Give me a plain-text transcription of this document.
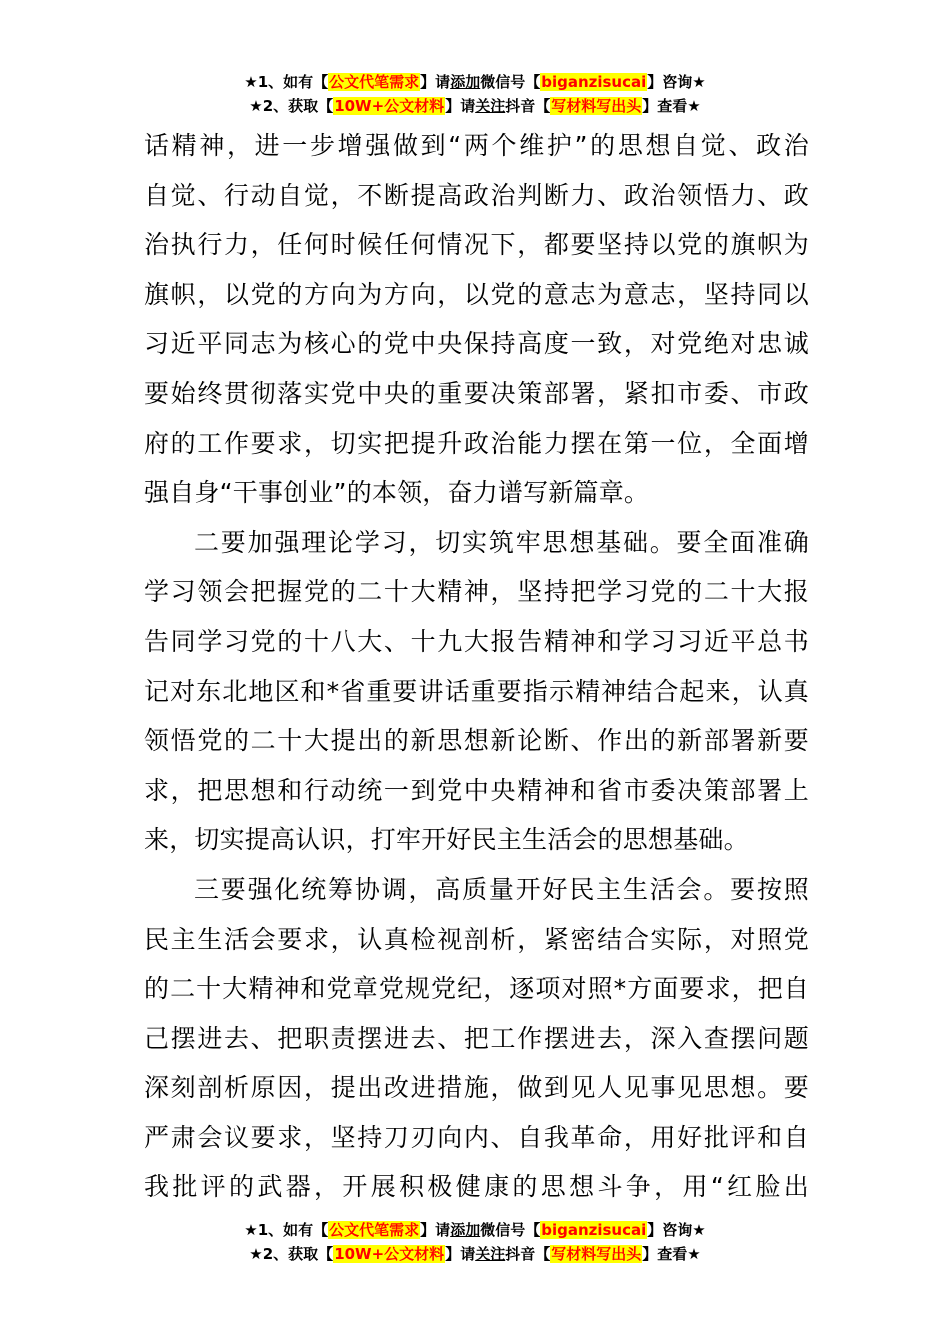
★1、如有【公文代笔需求】请添加微信号【biganzisucai】咨询★
★2、获取【10W+公文材料】请关注抖音【写材料写出头】查看★
话精神，进一步增强做到“两个维护”的思想自觉、政治
自觉、行动自觉，不断提高政治判断力、政治领悟力、政
治执行力，任何时候任何情况下，都要坚持以党的旗帜为
旗帜，以党的方向为方向，以党的意志为意志，坚持同以
习近平同志为核心的党中央保持高度一致，对党绝对忠诚
要始终贯彻落实党中央的重要决策部署，紧扣市委、市政
府的工作要求，切实把提升政治能力摆在第一位，全面增
强自身“干事创业”的本领，奋力谱写新篇章。
二要加强理论学习，切实筑牢思想基础。要全面准确
学习领会把握党的二十大精神，坚持把学习党的二十大报
告同学习党的十八大、十九大报告精神和学习习近平总书
记对东北地区和*省重要讲话重要指示精神结合起来，认真
领悟党的二十大提出的新思想新论断、作出的新部署新要
求，把思想和行动统一到党中央精神和省市委决策部署上
来，切实提高认识，打牢开好民主生活会的思想基础。
三要强化统筹协调，高质量开好民主生活会。要按照
民主生活会要求，认真检视剖析，紧密结合实际，对照党
的二十大精神和党章党规党纪，逐项对照*方面要求，把自
己摆进去、把职责摆进去、把工作摆进去，深入查摆问题
深刻剖析原因，提出改进措施，做到见人见事见思想。要
严肃会议要求，坚持刀刃向内、自我革命，用好批评和自
我批评的武器，开展积极健康的思想斗争，用“红脸出
★1、如有【公文代笔需求】请添加微信号【biganzisucai】咨询★
★2、获取【10W+公文材料】请关注抖音【写材料写出头】查看★
